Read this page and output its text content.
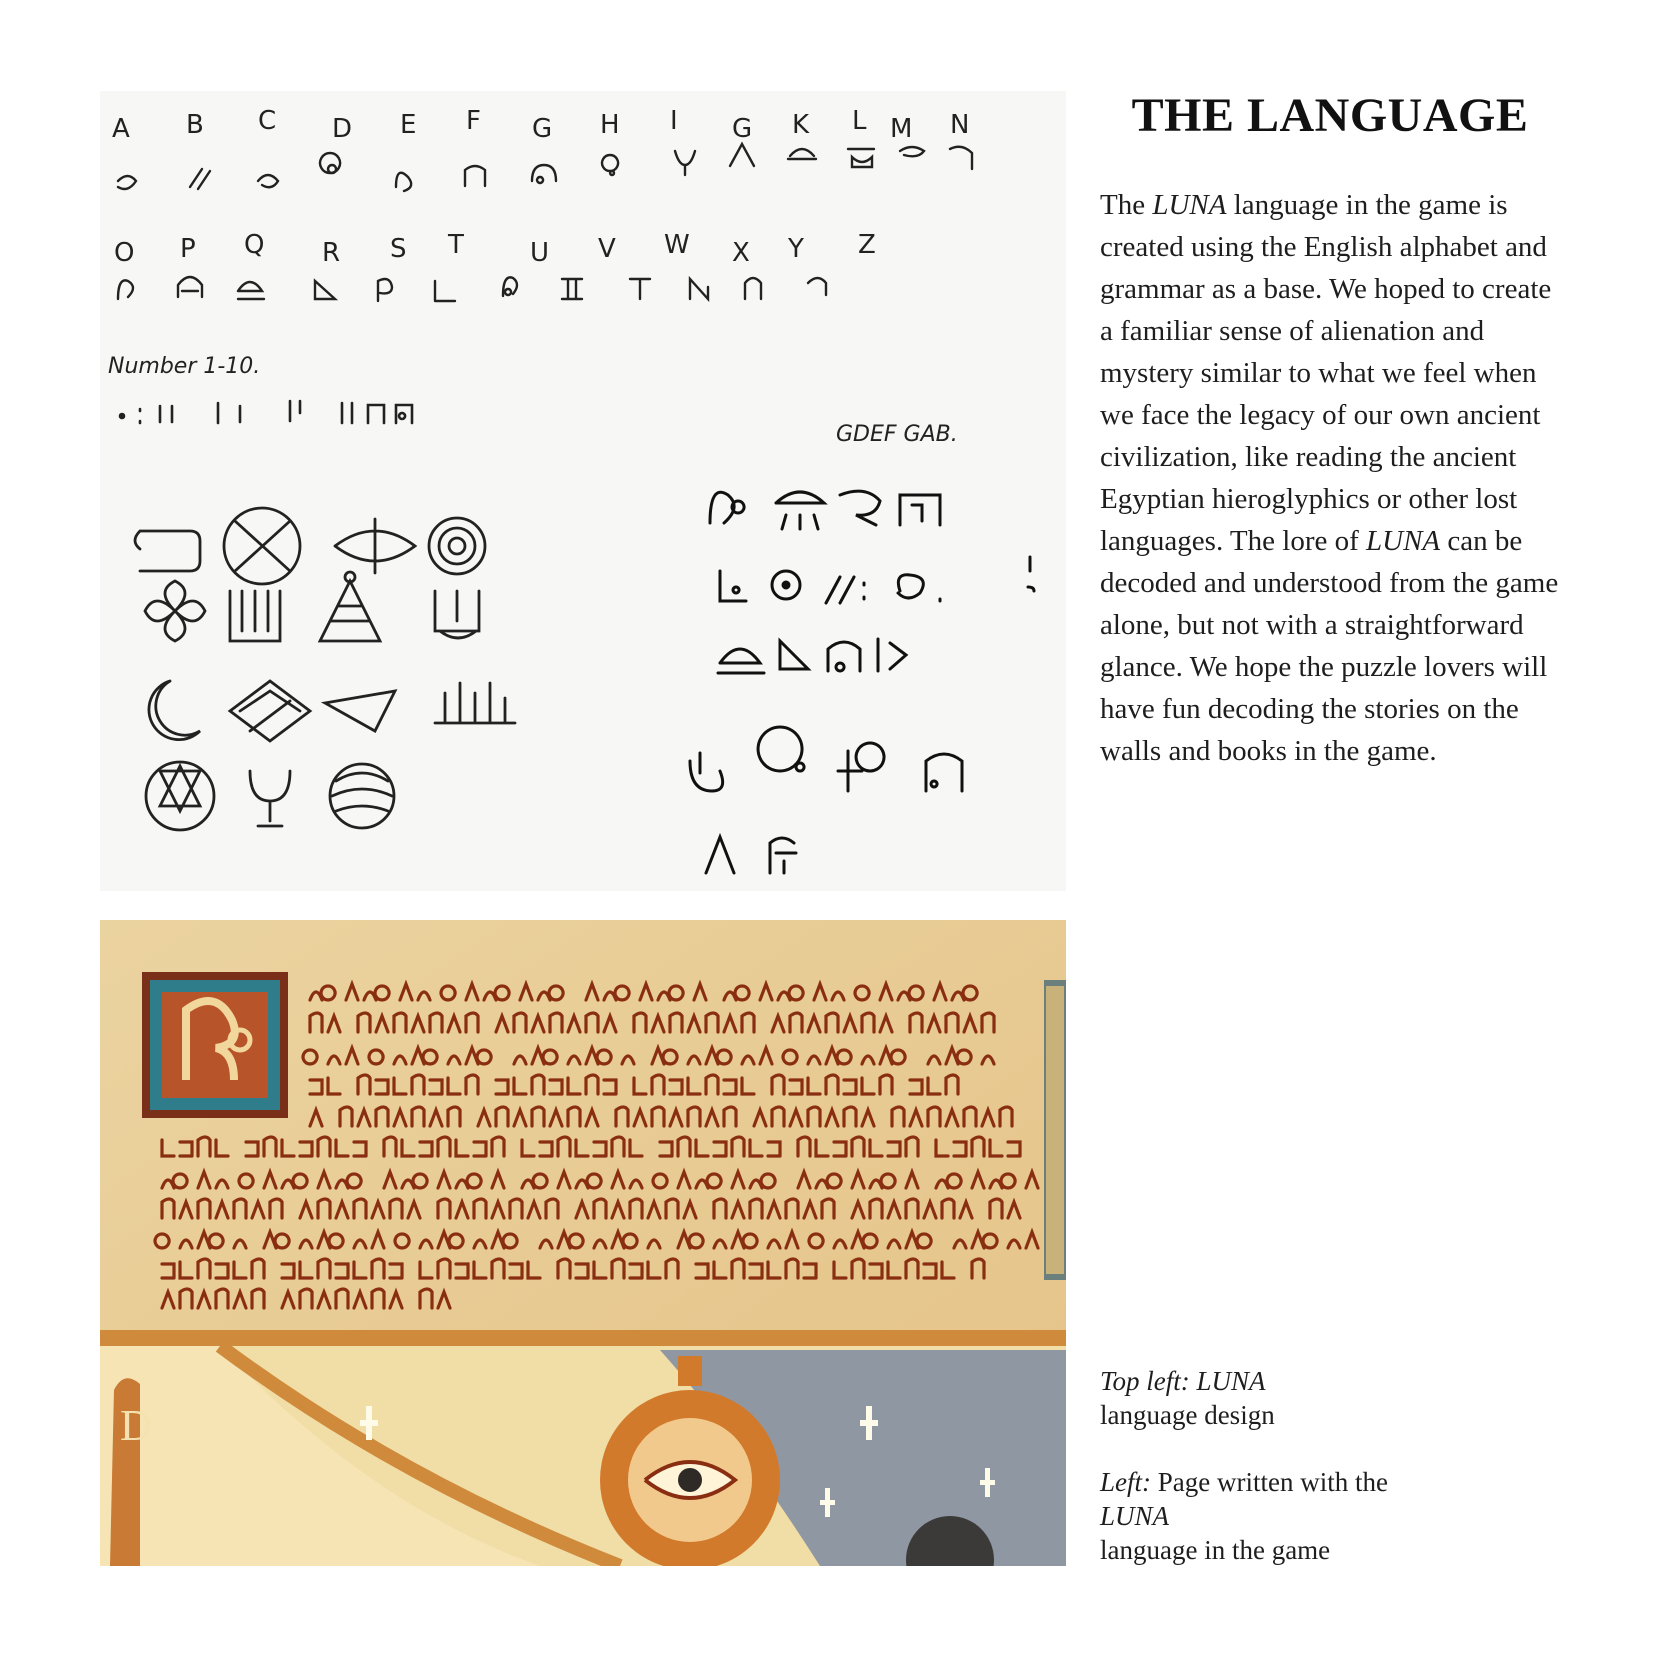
A B C D E F G H I G K L M N
O P Q R S T	U V W X Y Z
Number 1-10.
GDEF GAB.
D
THE LANGUAGE

The LUNA language in the game is created using the English alphabet and grammar as a base. We hoped to create a familiar sense of alienation and mystery similar to what we feel when we face the legacy of our own ancient civilization, like reading the ancient Egyptian hieroglyphics or other lost languages. The lore of LUNA can be decoded and understood from the game alone, but not with a straightforward glance. We hope the puzzle lovers will have fun decoding the stories on the walls and books in the game.

Top left: LUNA
language design

Left: Page written with the LUNA
language in the game
